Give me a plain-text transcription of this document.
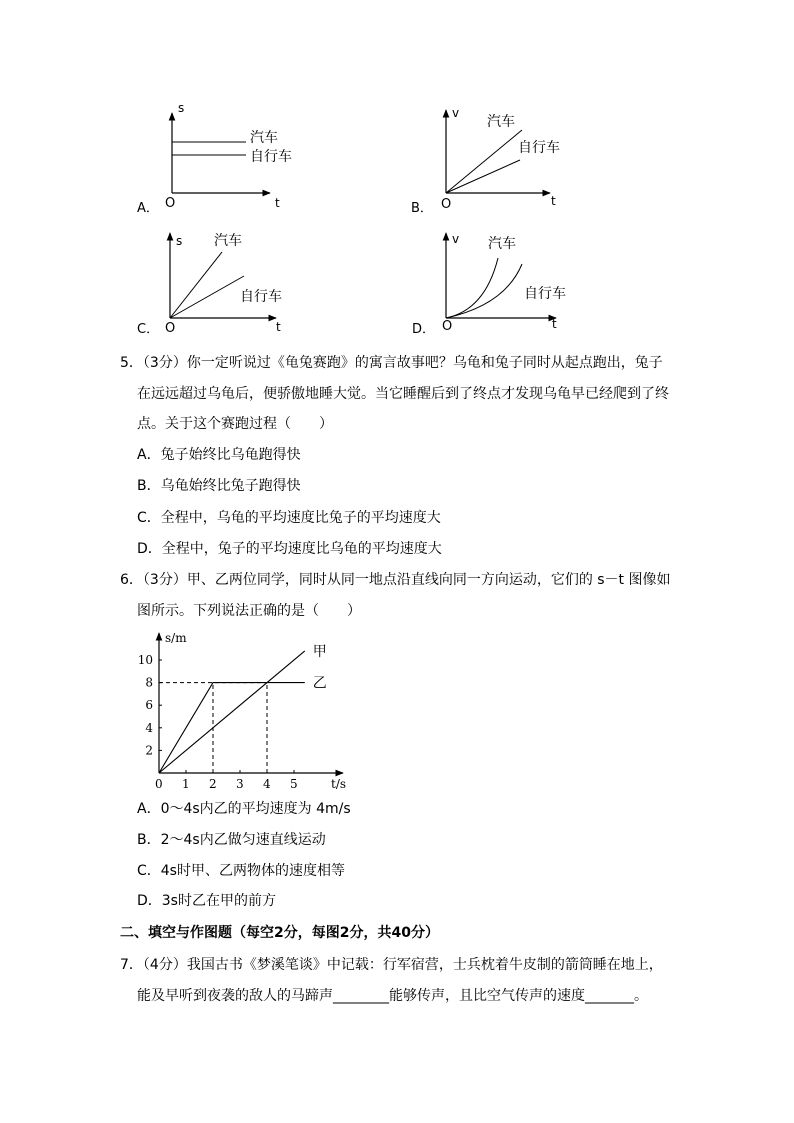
A．
s
t
O
汽车
自行车
B．
v
t
O
汽车
自行车
C．
s
t
O
汽车
自行车
D．
v
t
O
汽车
自行车
5．（3分）你一定听说过《龟兔赛跑》的寓言故事吧？乌龟和兔子同时从起点跑出，兔子
在远远超过乌龟后，便骄傲地睡大觉。当它睡醒后到了终点才发现乌龟早已经爬到了终
点。关于这个赛跑过程（　　）
A．兔子始终比乌龟跑得快
B．乌龟始终比兔子跑得快
C．全程中，乌龟的平均速度比兔子的平均速度大
D．全程中，兔子的平均速度比乌龟的平均速度大
6．（3分）甲、乙两位同学，同时从同一地点沿直线向同一方向运动，它们的 s－t 图像如
图所示。下列说法正确的是（　　）
1 2 3 4 5
2
4
6
8
10
s/m
t/s
0
甲
乙
A．0～4s内乙的平均速度为 4m/s
B．2～4s内乙做匀速直线运动
C．4s时甲、乙两物体的速度相等
D．3s时乙在甲的前方
二、填空与作图题（每空2分，每图2分，共40分）
7．（4分）我国古书《梦溪笔谈》中记载：行军宿营，士兵枕着牛皮制的箭筒睡在地上，
能及早听到夜袭的敌人的马蹄声________能够传声，且比空气传声的速度_______。
